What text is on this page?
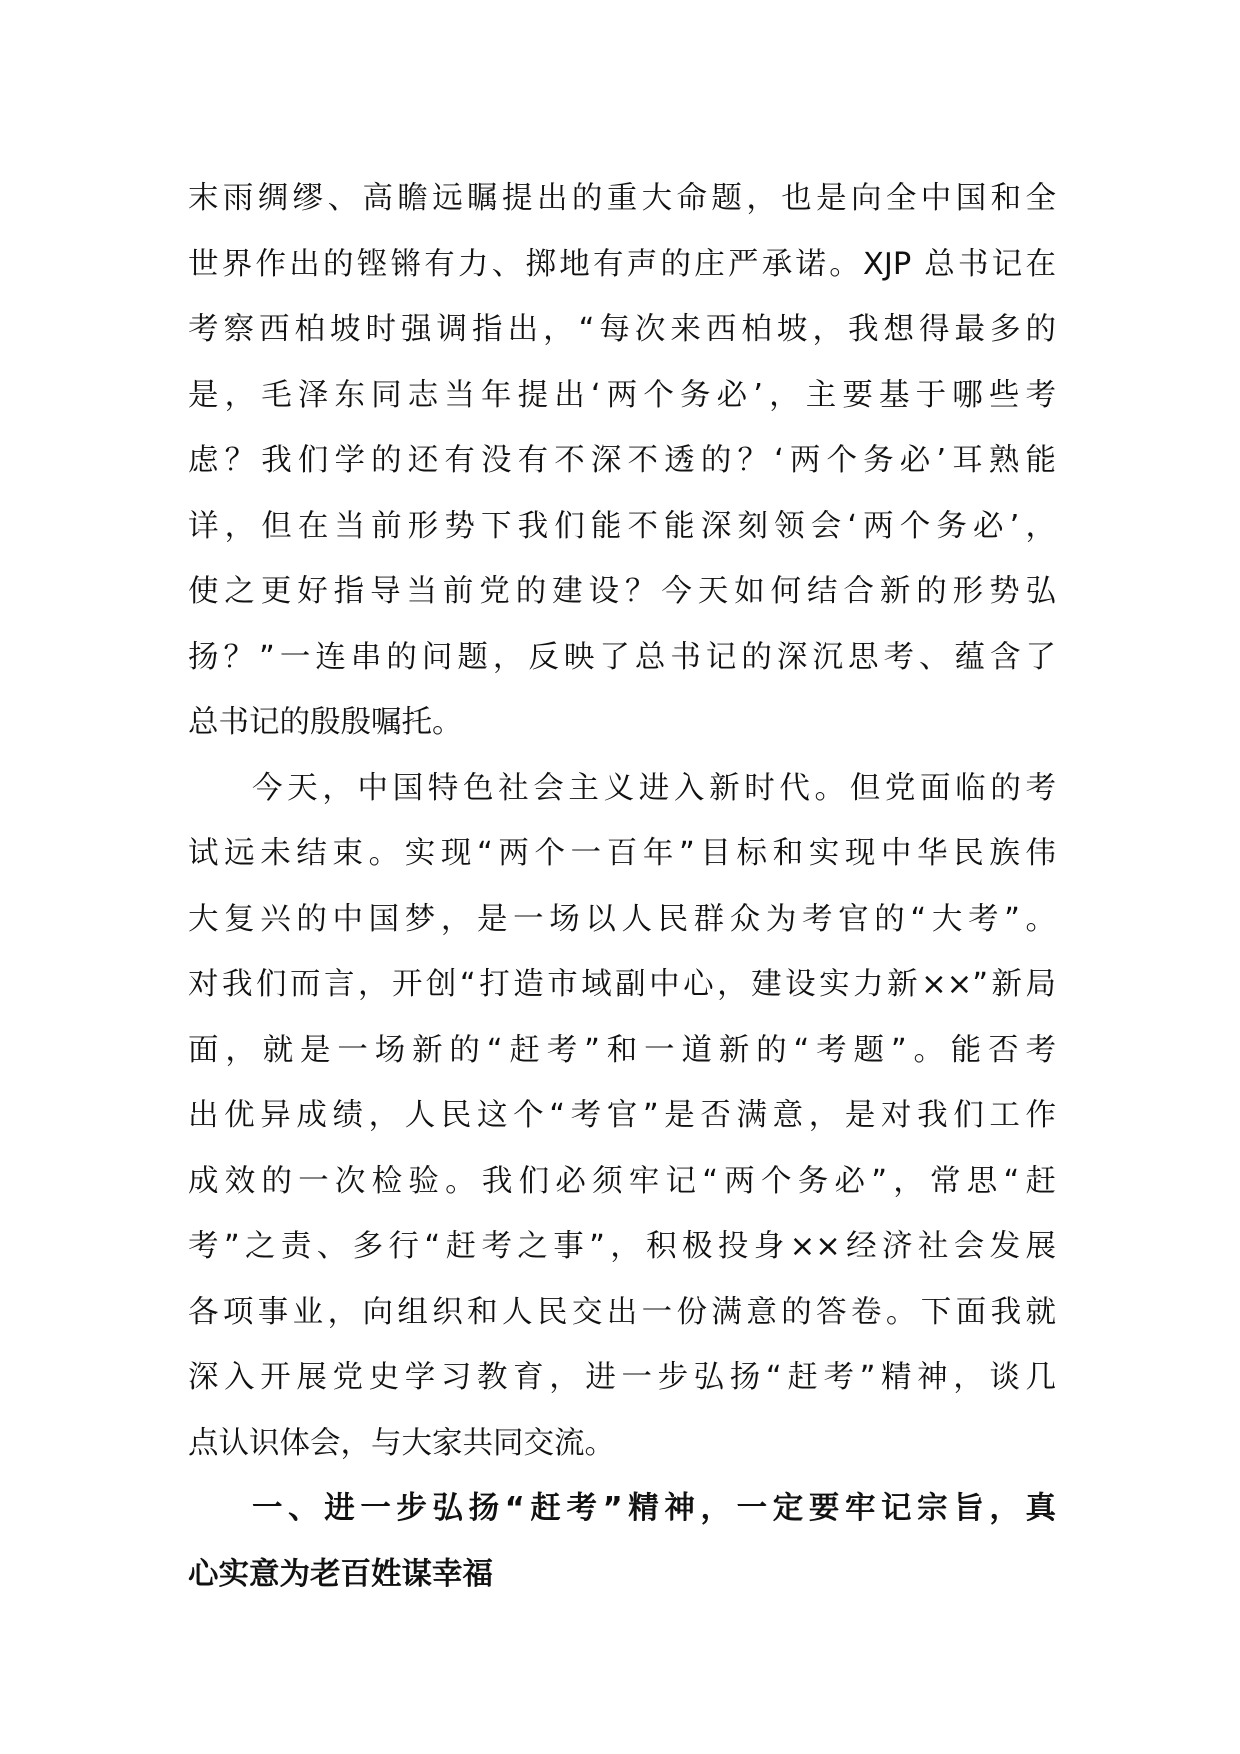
末雨绸缪、高瞻远瞩提出的重大命题，也是向全中国和全
世界作出的铿锵有力、掷地有声的庄严承诺。XJP 总书记在
考察西柏坡时强调指出，“每次来西柏坡，我想得最多的
是，毛泽东同志当年提出‘两个务必’，主要基于哪些考
虑？我们学的还有没有不深不透的？‘两个务必’耳熟能
详，但在当前形势下我们能不能深刻领会‘两个务必’，
使之更好指导当前党的建设？今天如何结合新的形势弘
扬？”一连串的问题，反映了总书记的深沉思考、蕴含了
总书记的殷殷嘱托。
今天，中国特色社会主义进入新时代。但党面临的考
试远未结束。实现“两个一百年”目标和实现中华民族伟
大复兴的中国梦，是一场以人民群众为考官的“大考”。
对我们而言，开创“打造市域副中心，建设实力新××”新局
面，就是一场新的“赶考”和一道新的“考题”。能否考
出优异成绩，人民这个“考官”是否满意，是对我们工作
成效的一次检验。我们必须牢记“两个务必”，常思“赶
考”之责、多行“赶考之事”，积极投身××经济社会发展
各项事业，向组织和人民交出一份满意的答卷。下面我就
深入开展党史学习教育，进一步弘扬“赶考”精神，谈几
点认识体会，与大家共同交流。
一、进一步弘扬“赶考”精神，一定要牢记宗旨，真
心实意为老百姓谋幸福
